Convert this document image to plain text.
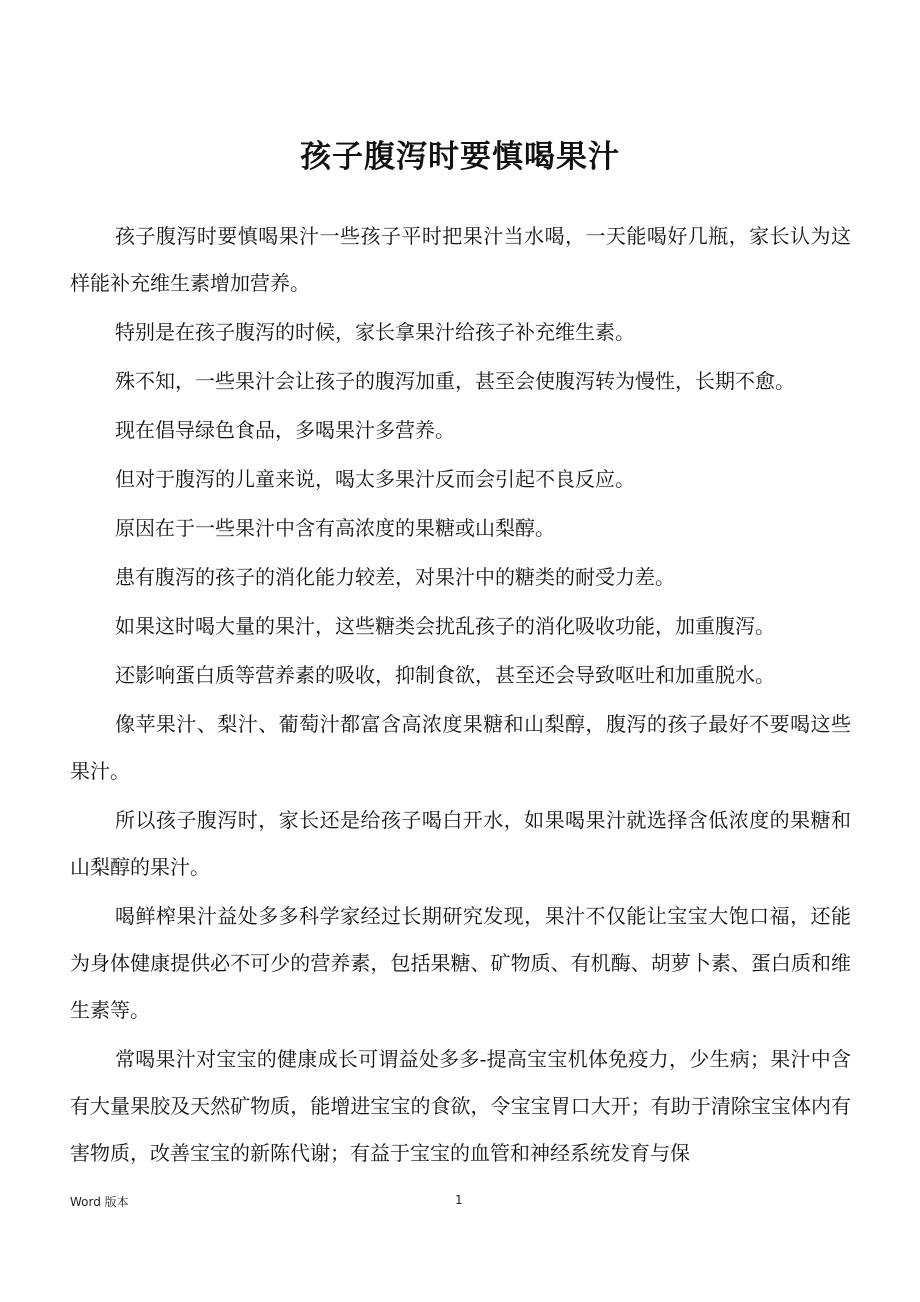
孩子腹泻时要慎喝果汁

孩子腹泻时要慎喝果汁一些孩子平时把果汁当水喝，一天能喝好几瓶，家长认为这样能补充维生素增加营养。

特别是在孩子腹泻的时候，家长拿果汁给孩子补充维生素。

殊不知，一些果汁会让孩子的腹泻加重，甚至会使腹泻转为慢性，长期不愈。

现在倡导绿色食品，多喝果汁多营养。

但对于腹泻的儿童来说，喝太多果汁反而会引起不良反应。

原因在于一些果汁中含有高浓度的果糖或山梨醇。

患有腹泻的孩子的消化能力较差，对果汁中的糖类的耐受力差。

如果这时喝大量的果汁，这些糖类会扰乱孩子的消化吸收功能，加重腹泻。

还影响蛋白质等营养素的吸收，抑制食欲，甚至还会导致呕吐和加重脱水。

像苹果汁、梨汁、葡萄汁都富含高浓度果糖和山梨醇，腹泻的孩子最好不要喝这些果汁。

所以孩子腹泻时，家长还是给孩子喝白开水，如果喝果汁就选择含低浓度的果糖和山梨醇的果汁。

喝鲜榨果汁益处多多科学家经过长期研究发现，果汁不仅能让宝宝大饱口福，还能为身体健康提供必不可少的营养素，包括果糖、矿物质、有机酶、胡萝卜素、蛋白质和维生素等。

常喝果汁对宝宝的健康成长可谓益处多多-提高宝宝机体免疫力，少生病；果汁中含有大量果胶及天然矿物质，能增进宝宝的食欲，令宝宝胃口大开；有助于清除宝宝体内有害物质，改善宝宝的新陈代谢；有益于宝宝的血管和神经系统发育与保

Word 版本	1
